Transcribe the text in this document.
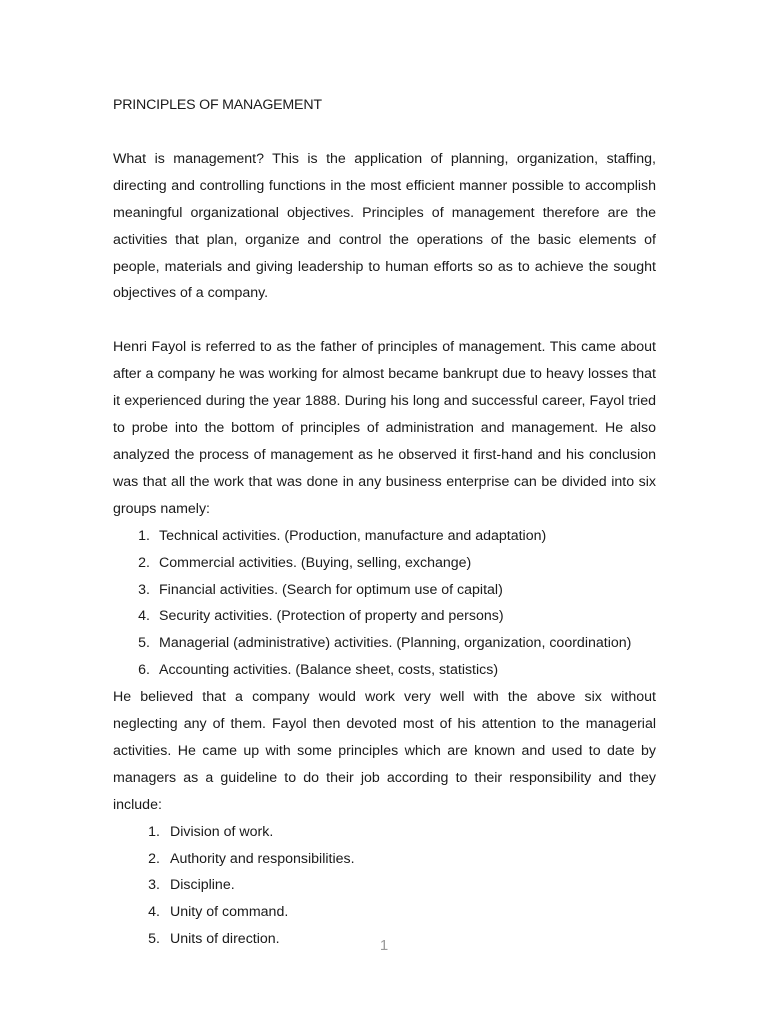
PRINCIPLES OF MANAGEMENT

What is management? This is the application of planning, organization, staffing, directing and controlling functions in the most efficient manner possible to accomplish meaningful organizational objectives. Principles of management therefore are the activities that plan, organize and control the operations of the basic elements of people, materials and giving leadership to human efforts so as to achieve the sought objectives of a company.

Henri Fayol is referred to as the father of principles of management. This came about after a company he was working for almost became bankrupt due to heavy losses that it experienced during the year 1888. During his long and successful career, Fayol tried to probe into the bottom of principles of administration and management. He also analyzed the process of management as he observed it first-hand and his conclusion was that all the work that was done in any business enterprise can be divided into six groups namely:

1. Technical activities. (Production, manufacture and adaptation)
2. Commercial activities. (Buying, selling, exchange)
3. Financial activities. (Search for optimum use of capital)
4. Security activities. (Protection of property and persons)
5. Managerial (administrative) activities. (Planning, organization, coordination)
6. Accounting activities. (Balance sheet, costs, statistics)

He believed that a company would work very well with the above six without neglecting any of them. Fayol then devoted most of his attention to the managerial activities. He came up with some principles which are known and used to date by managers as a guideline to do their job according to their responsibility and they include:

1. Division of work.
2. Authority and responsibilities.
3. Discipline.
4. Unity of command.
5. Units of direction.	1
